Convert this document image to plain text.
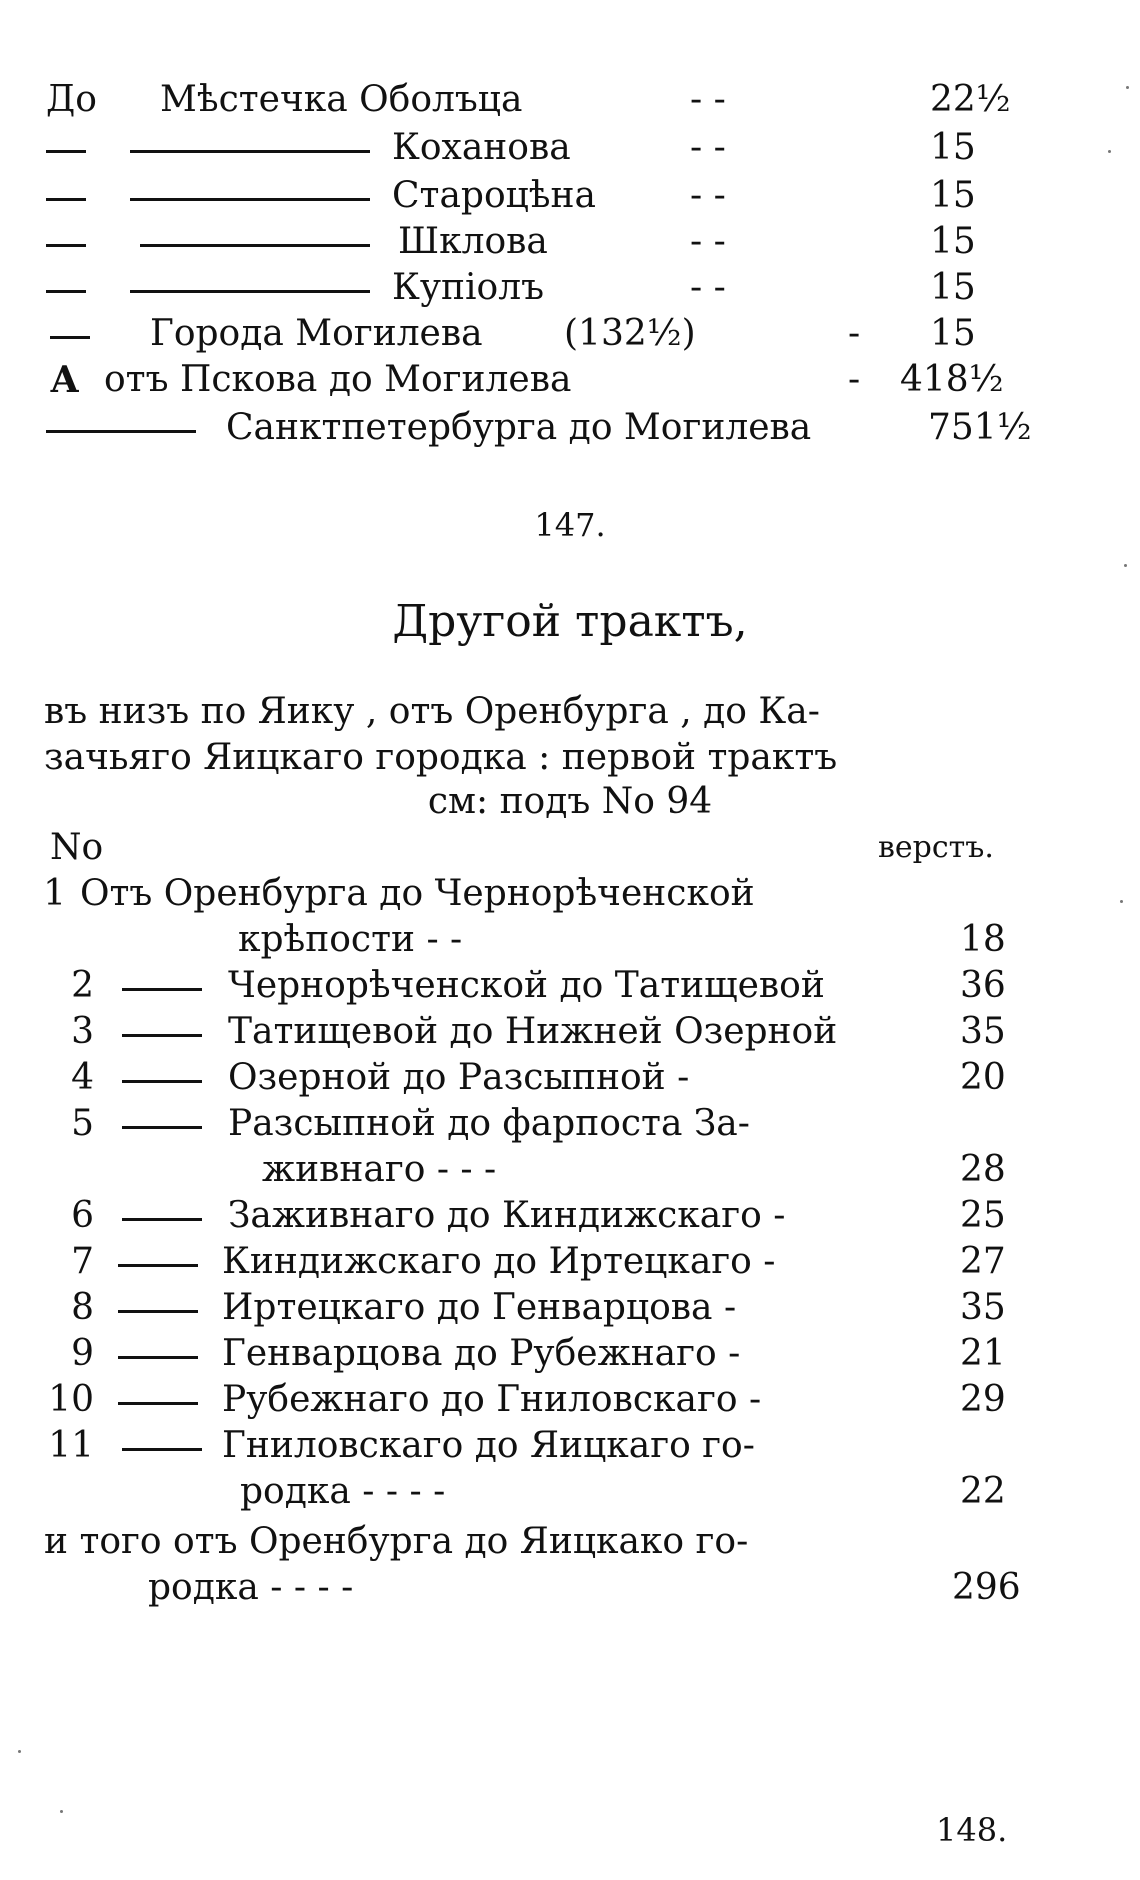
До Мѣстечка Оболъца	- -	22½
Коханова	- -	15
Староцѣна	- -	15
Шклова	- -	15
Купiолъ	- -	15
Города Могилева (132½)	- 15
А отъ Пскова до Могилева	- 418½
Санктпетербурга до Могилева	751½
147.
Другой трактъ,
въ низъ по Яику , отъ Оренбурга , до Ка-
зачьяго Яицкаго городка : первой трактъ
см: подъ No 94
No	верстъ.
1 Отъ Оренбурга до Чернорѣченской
крѣпости - -	18
2	Чернорѣченской до Татищевой	36
3	Татищевой до Нижней Озерной	35
4	Озерной до Разсыпной -	20
5	Разсыпной до фарпоста За-
живнаго - - -	28
6	Заживнаго до Киндижскаго -	25
7	Киндижскаго до Иртецкаго -	27
8	Иртецкаго до Генварцова -	35
9	Генварцова до Рубежнаго -	21
10	Рубежнаго до Гниловскаго -	29
11	Гниловскаго до Яицкаго го-
родка - - - -	22
и того отъ Оренбурга до Яицкако го-
родка - - - -	296
148.
